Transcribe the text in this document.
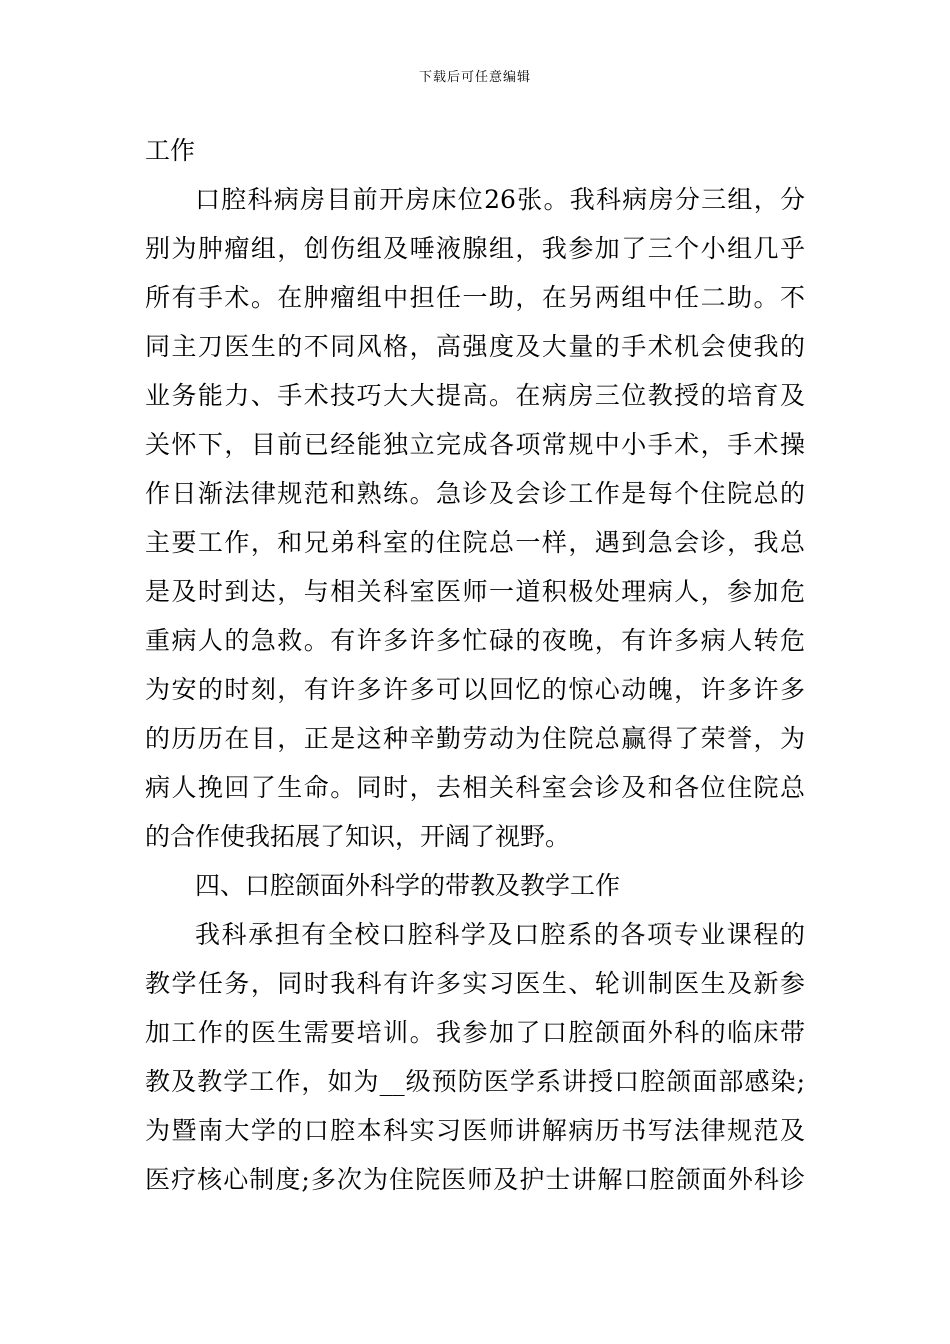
下载后可任意编辑
工作
口腔科病房目前开房床位26张。我科病房分三组，分
别为肿瘤组，创伤组及唾液腺组，我参加了三个小组几乎
所有手术。在肿瘤组中担任一助，在另两组中任二助。不
同主刀医生的不同风格，高强度及大量的手术机会使我的
业务能力、手术技巧大大提高。在病房三位教授的培育及
关怀下，目前已经能独立完成各项常规中小手术，手术操
作日渐法律规范和熟练。急诊及会诊工作是每个住院总的
主要工作，和兄弟科室的住院总一样，遇到急会诊，我总
是及时到达，与相关科室医师一道积极处理病人，参加危
重病人的急救。有许多许多忙碌的夜晚，有许多病人转危
为安的时刻，有许多许多可以回忆的惊心动魄，许多许多
的历历在目，正是这种辛勤劳动为住院总赢得了荣誉，为
病人挽回了生命。同时，去相关科室会诊及和各位住院总
的合作使我拓展了知识，开阔了视野。
四、口腔颌面外科学的带教及教学工作
我科承担有全校口腔科学及口腔系的各项专业课程的
教学任务，同时我科有许多实习医生、轮训制医生及新参
加工作的医生需要培训。我参加了口腔颌面外科的临床带
教及教学工作，如为__级预防医学系讲授口腔颌面部感染;
为暨南大学的口腔本科实习医师讲解病历书写法律规范及
医疗核心制度;多次为住院医师及护士讲解口腔颌面外科诊
